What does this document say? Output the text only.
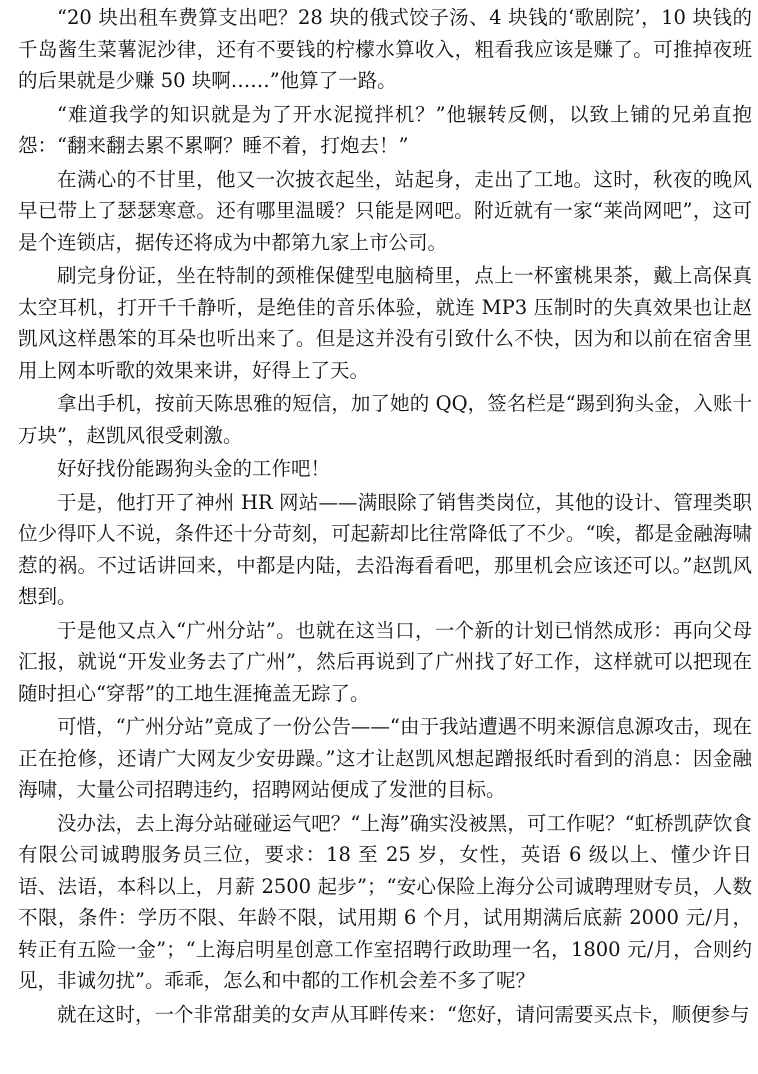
“20 块出租车费算支出吧？28 块的俄式饺子汤、4 块钱的‘歌剧院’，10 块钱的千岛酱生菜薯泥沙律，还有不要钱的柠檬水算收入，粗看我应该是赚了。可推掉夜班的后果就是少赚 50 块啊……”他算了一路。

“难道我学的知识就是为了开水泥搅拌机？”他辗转反侧，以致上铺的兄弟直抱怨：“翻来翻去累不累啊？睡不着，打炮去！”

在满心的不甘里，他又一次披衣起坐，站起身，走出了工地。这时，秋夜的晚风早已带上了瑟瑟寒意。还有哪里温暖？只能是网吧。附近就有一家“莱尚网吧”，这可是个连锁店，据传还将成为中都第九家上市公司。

刷完身份证，坐在特制的颈椎保健型电脑椅里，点上一杯蜜桃果茶，戴上高保真太空耳机，打开千千静听，是绝佳的音乐体验，就连 MP3 压制时的失真效果也让赵凯风这样愚笨的耳朵也听出来了。但是这并没有引致什么不快，因为和以前在宿舍里用上网本听歌的效果来讲，好得上了天。

拿出手机，按前天陈思雅的短信，加了她的 QQ，签名栏是“踢到狗头金，入账十万块”，赵凯风很受刺激。

好好找份能踢狗头金的工作吧！

于是，他打开了神州 HR 网站——满眼除了销售类岗位，其他的设计、管理类职位少得吓人不说，条件还十分苛刻，可起薪却比往常降低了不少。“唉，都是金融海啸惹的祸。不过话讲回来，中都是内陆，去沿海看看吧，那里机会应该还可以。”赵凯风想到。

于是他又点入“广州分站”。也就在这当口，一个新的计划已悄然成形：再向父母汇报，就说“开发业务去了广州”，然后再说到了广州找了好工作，这样就可以把现在随时担心“穿帮”的工地生涯掩盖无踪了。

可惜，“广州分站”竟成了一份公告——“由于我站遭遇不明来源信息源攻击，现在正在抢修，还请广大网友少安毋躁。”这才让赵凯风想起蹭报纸时看到的消息：因金融海啸，大量公司招聘违约，招聘网站便成了发泄的目标。

没办法，去上海分站碰碰运气吧？“上海”确实没被黑，可工作呢？“虹桥凯萨饮食有限公司诚聘服务员三位，要求：18 至 25 岁，女性，英语 6 级以上、懂少许日语、法语，本科以上，月薪 2500 起步”；“安心保险上海分公司诚聘理财专员，人数不限，条件：学历不限、年龄不限，试用期 6 个月，试用期满后底薪 2000 元/月，转正有五险一金”；“上海启明星创意工作室招聘行政助理一名，1800 元/月，合则约见，非诚勿扰”。乖乖，怎么和中都的工作机会差不多了呢？

就在这时，一个非常甜美的女声从耳畔传来：“您好，请问需要买点卡，顺便参与
